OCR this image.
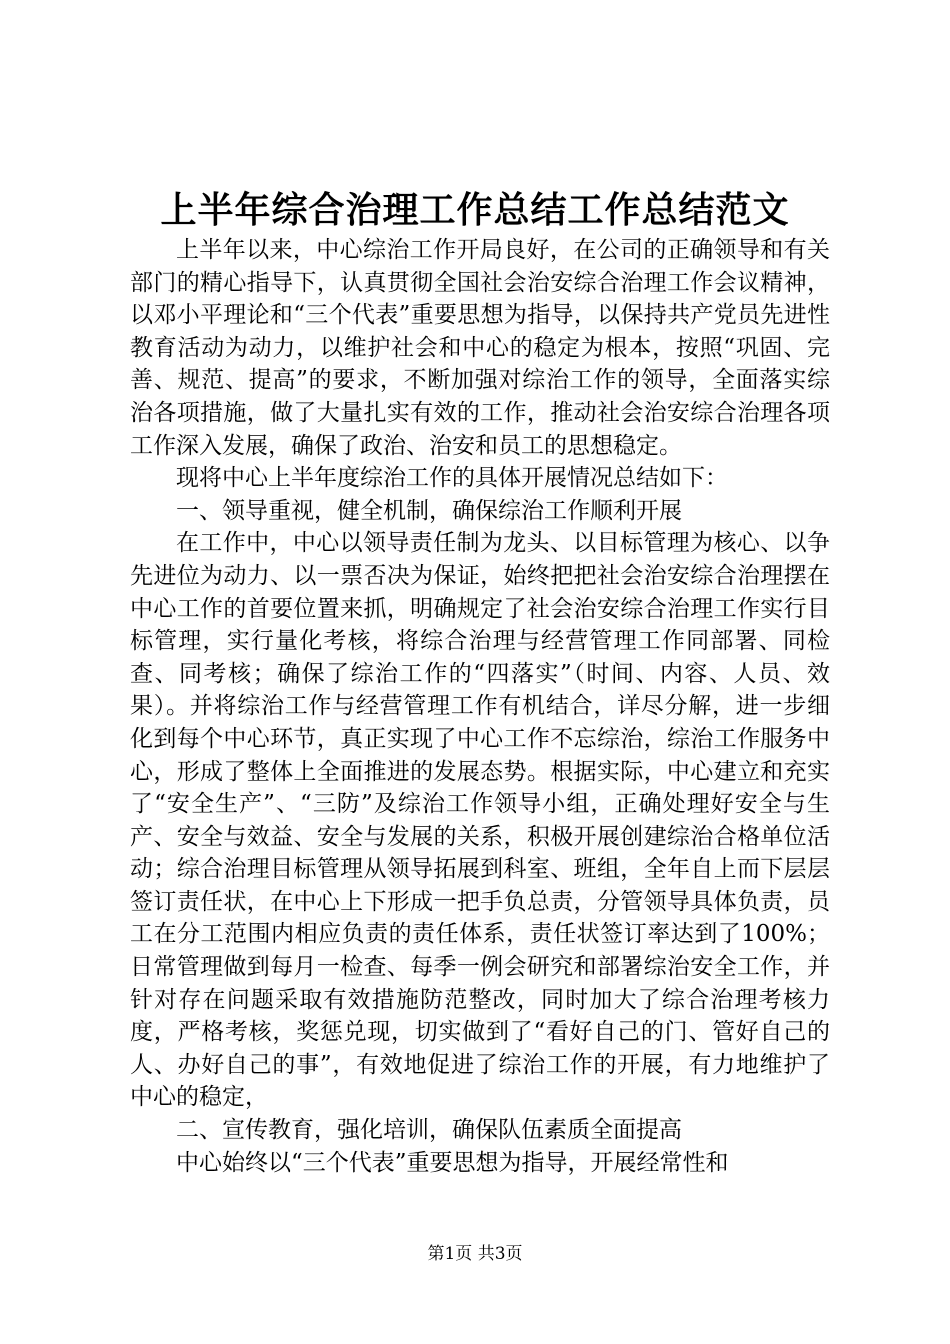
上半年综合治理工作总结工作总结范文

上半年以来，中心综治工作开局良好，在公司的正确领导和有关部门的精心指导下，认真贯彻全国社会治安综合治理工作会议精神，以邓小平理论和“三个代表”重要思想为指导，以保持共产党员先进性教育活动为动力，以维护社会和中心的稳定为根本，按照“巩固、完善、规范、提高”的要求，不断加强对综治工作的领导，全面落实综治各项措施，做了大量扎实有效的工作，推动社会治安综合治理各项工作深入发展，确保了政治、治安和员工的思想稳定。

现将中心上半年度综治工作的具体开展情况总结如下：

一、领导重视，健全机制，确保综治工作顺利开展

在工作中，中心以领导责任制为龙头、以目标管理为核心、以争先进位为动力、以一票否决为保证，始终把把社会治安综合治理摆在中心工作的首要位置来抓，明确规定了社会治安综合治理工作实行目标管理，实行量化考核，将综合治理与经营管理工作同部署、同检查、同考核；确保了综治工作的“四落实”（时间、内容、人员、效果）。并将综治工作与经营管理工作有机结合，详尽分解，进一步细化到每个中心环节，真正实现了中心工作不忘综治，综治工作服务中心，形成了整体上全面推进的发展态势。根据实际，中心建立和充实了“安全生产”、“三防”及综治工作领导小组，正确处理好安全与生产、安全与效益、安全与发展的关系，积极开展创建综治合格单位活动；综合治理目标管理从领导拓展到科室、班组，全年自上而下层层签订责任状，在中心上下形成一把手负总责，分管领导具体负责，员工在分工范围内相应负责的责任体系，责任状签订率达到了100%；日常管理做到每月一检查、每季一例会研究和部署综治安全工作，并针对存在问题采取有效措施防范整改，同时加大了综合治理考核力度，严格考核，奖惩兑现，切实做到了“看好自己的门、管好自己的人、办好自己的事”，有效地促进了综治工作的开展，有力地维护了中心的稳定，

二、宣传教育，强化培训，确保队伍素质全面提高

中心始终以“三个代表”重要思想为指导，开展经常性和

第1页 共3页
